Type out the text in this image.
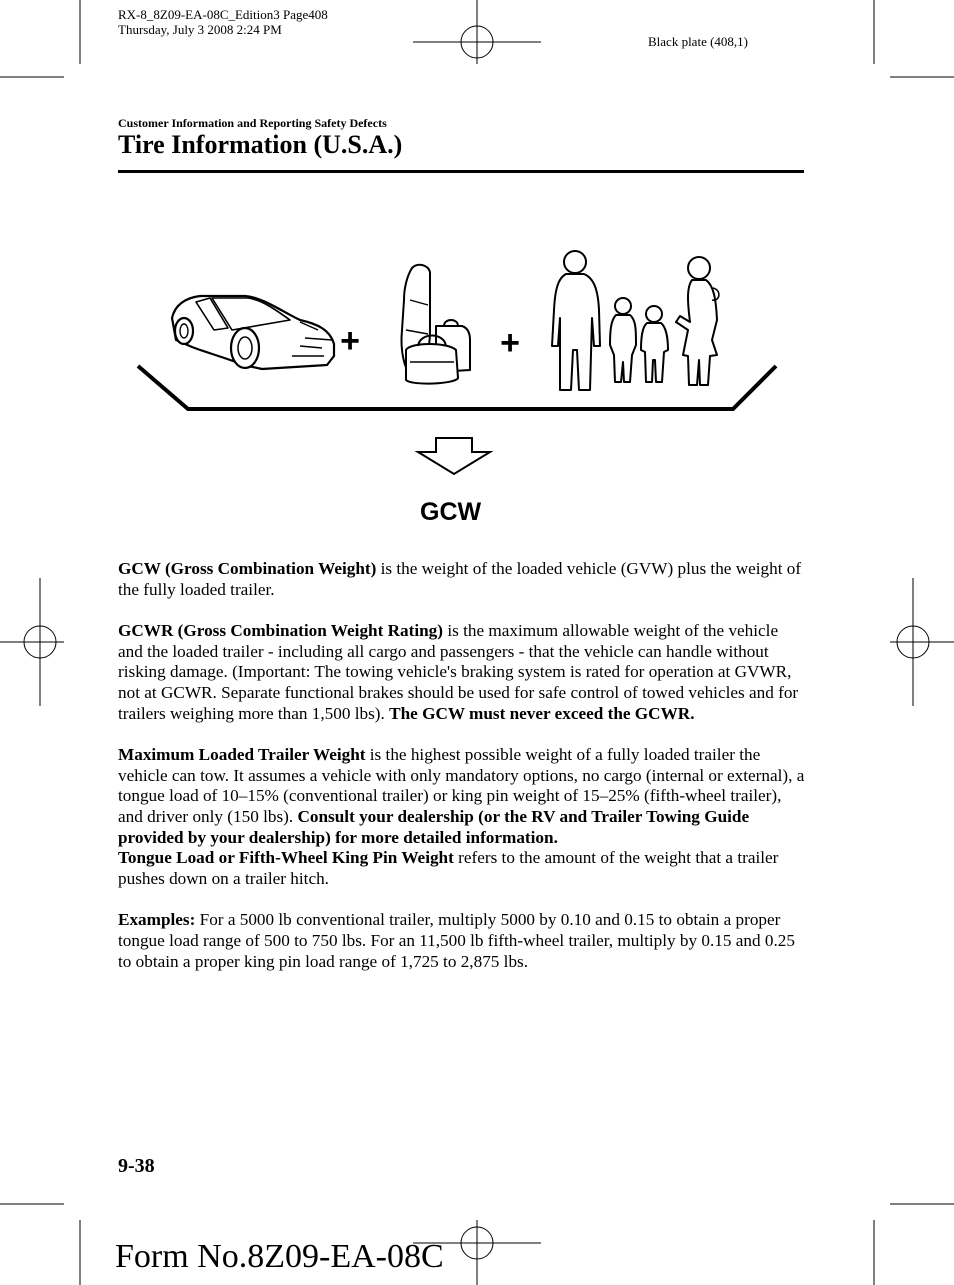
RX-8_8Z09-EA-08C_Edition3 Page408
Thursday, July 3 2008 2:24 PM
Black plate (408,1)
Customer Information and Reporting Safety Defects
Tire Information (U.S.A.)
+	+
GCW

GCW (Gross Combination Weight) is the weight of the loaded vehicle (GVW) plus the weight of the fully loaded trailer.

GCWR (Gross Combination Weight Rating) is the maximum allowable weight of the vehicle and the loaded trailer - including all cargo and passengers - that the vehicle can handle without risking damage. (Important: The towing vehicle's braking system is rated for operation at GVWR, not at GCWR. Separate functional brakes should be used for safe control of towed vehicles and for trailers weighing more than 1,500 lbs). The GCW must never exceed the GCWR.

Maximum Loaded Trailer Weight is the highest possible weight of a fully loaded trailer the vehicle can tow. It assumes a vehicle with only mandatory options, no cargo (internal or external), a tongue load of 10‒15% (conventional trailer) or king pin weight of 15‒25% (fifth-wheel trailer), and driver only (150 lbs). Consult your dealership (or the RV and Trailer Towing Guide provided by your dealership) for more detailed information.
Tongue Load or Fifth-Wheel King Pin Weight refers to the amount of the weight that a trailer pushes down on a trailer hitch.

Examples: For a 5000 lb conventional trailer, multiply 5000 by 0.10 and 0.15 to obtain a proper tongue load range of 500 to 750 lbs. For an 11,500 lb fifth-wheel trailer, multiply by 0.15 and 0.25 to obtain a proper king pin load range of 1,725 to 2,875 lbs.

9-38
Form No.8Z09-EA-08C
